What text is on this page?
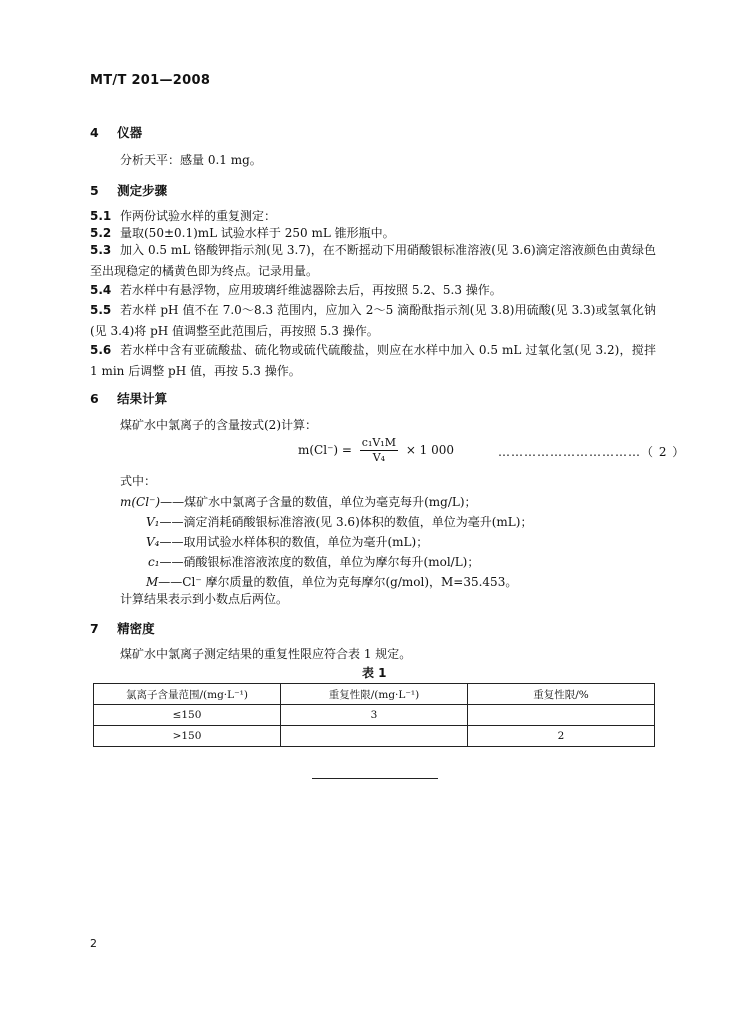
MT/T 201—2008
4 仪器
分析天平：感量 0.1 mg。
5 测定步骤
5.1 作两份试验水样的重复测定：
5.2 量取(50±0.1)mL 试验水样于 250 mL 锥形瓶中。
5.3 加入 0.5 mL 铬酸钾指示剂(见 3.7)，在不断摇动下用硝酸银标准溶液(见 3.6)滴定溶液颜色由黄绿色至出现稳定的橘黄色即为终点。记录用量。
5.4 若水样中有悬浮物，应用玻璃纤维滤器除去后，再按照 5.2、5.3 操作。
5.5 若水样 pH 值不在 7.0～8.3 范围内，应加入 2～5 滴酚酞指示剂(见 3.8)用硫酸(见 3.3)或氢氧化钠(见 3.4)将 pH 值调整至此范围后，再按照 5.3 操作。
5.6 若水样中含有亚硫酸盐、硫化物或硫代硫酸盐，则应在水样中加入 0.5 mL 过氧化氢(见 3.2)，搅拌 1 min 后调整 pH 值，再按 5.3 操作。
6 结果计算
煤矿水中氯离子的含量按式(2)计算：
$m(Cl^-) = \frac{\text{c₁V₁M}}{\text{V₄}} \times 1$ 000	……………………………（ 2 ）
式中：
m(Cl⁻)——煤矿水中氯离子含量的数值，单位为毫克每升(mg/L)；
V₁——滴定消耗硝酸银标准溶液(见 3.6)体积的数值，单位为毫升(mL)；
V₄——取用试验水样体积的数值，单位为毫升(mL)；
c₁——硝酸银标准溶液浓度的数值，单位为摩尔每升(mol/L)；
M——Cl⁻ 摩尔质量的数值，单位为克每摩尔(g/mol)，M=35.453。
计算结果表示到小数点后两位。
7 精密度
煤矿水中氯离子测定结果的重复性限应符合表 1 规定。
表 1
氯离子含量范围/(mg·L⁻¹)	重复性限/(mg·L⁻¹)	重复性限/%
≤150	3	
>150		2
2
